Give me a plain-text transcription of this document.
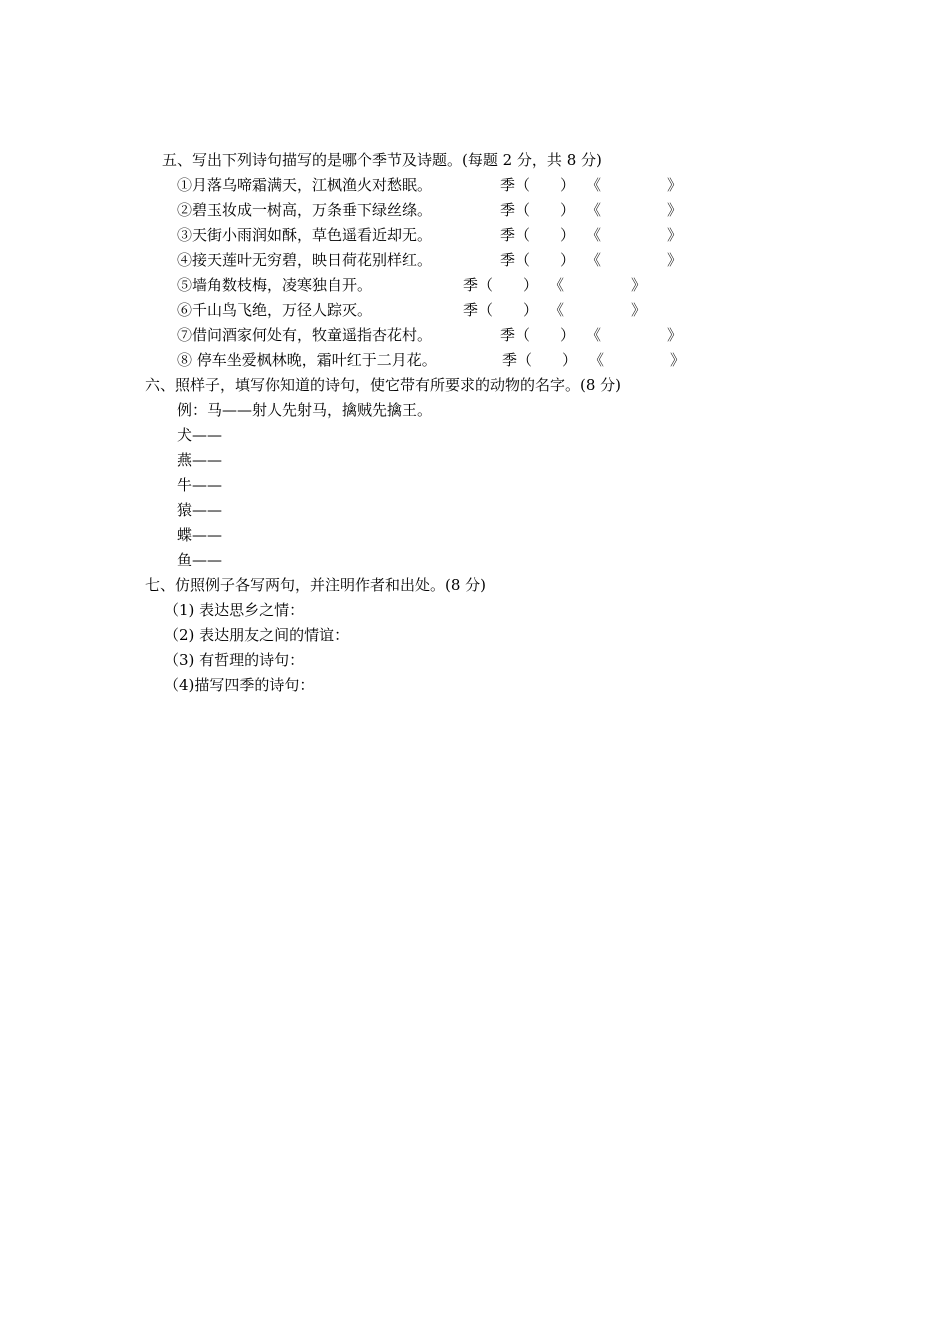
五、写出下列诗句描写的是哪个季节及诗题。(每题 2 分，共 8 分)
①月落乌啼霜满天，江枫渔火对愁眠。	季（　　） 《	》
②碧玉妆成一树高，万条垂下绿丝绦。	季（　　） 《	》
③天街小雨润如酥，草色遥看近却无。	季（　　） 《	》
④接天莲叶无穷碧，映日荷花别样红。	季（　　） 《	》
⑤墙角数枝梅，凌寒独自开。	季（　　） 《	》
⑥千山鸟飞绝，万径人踪灭。	季（　　） 《	》
⑦借问酒家何处有，牧童遥指杏花村。	季（　　） 《	》
⑧ 停车坐爱枫林晚，霜叶红于二月花。	季（　　） 《	》
六、照样子，填写你知道的诗句，使它带有所要求的动物的名字。(8 分)
例：马——射人先射马，擒贼先擒王。
犬——
燕——
牛——
猿——
蝶——
鱼——
七、仿照例子各写两句，并注明作者和出处。(8 分)
（1) 表达思乡之情：
（2) 表达朋友之间的情谊：
（3) 有哲理的诗句：
（4)描写四季的诗句：
